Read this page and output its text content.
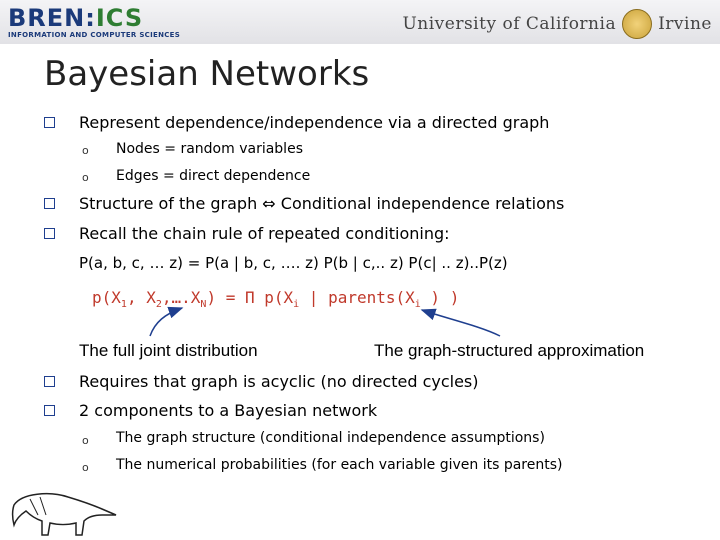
BREN:ICS
INFORMATION AND COMPUTER SCIENCES
University of California Irvine
Bayesian Networks
Represent dependence/independence via a directed graph
o Nodes = random variables
o Edges = direct dependence
Structure of the graph ⇔ Conditional independence relations
Recall the chain rule of repeated conditioning:
P(a, b, c, … z) = P(a | b, c, …. z) P(b | c,.. z) P(c| .. z)..P(z)
$p(X_1$, $X_2,\dots.X_N) = \Pi$ $p(X_i$ | $parents(X_i$ ) )
The full joint distribution	The graph-structured approximation
Requires that graph is acyclic (no directed cycles)
2 components to a Bayesian network
o The graph structure (conditional independence assumptions)
o The numerical probabilities (for each variable given its parents)
